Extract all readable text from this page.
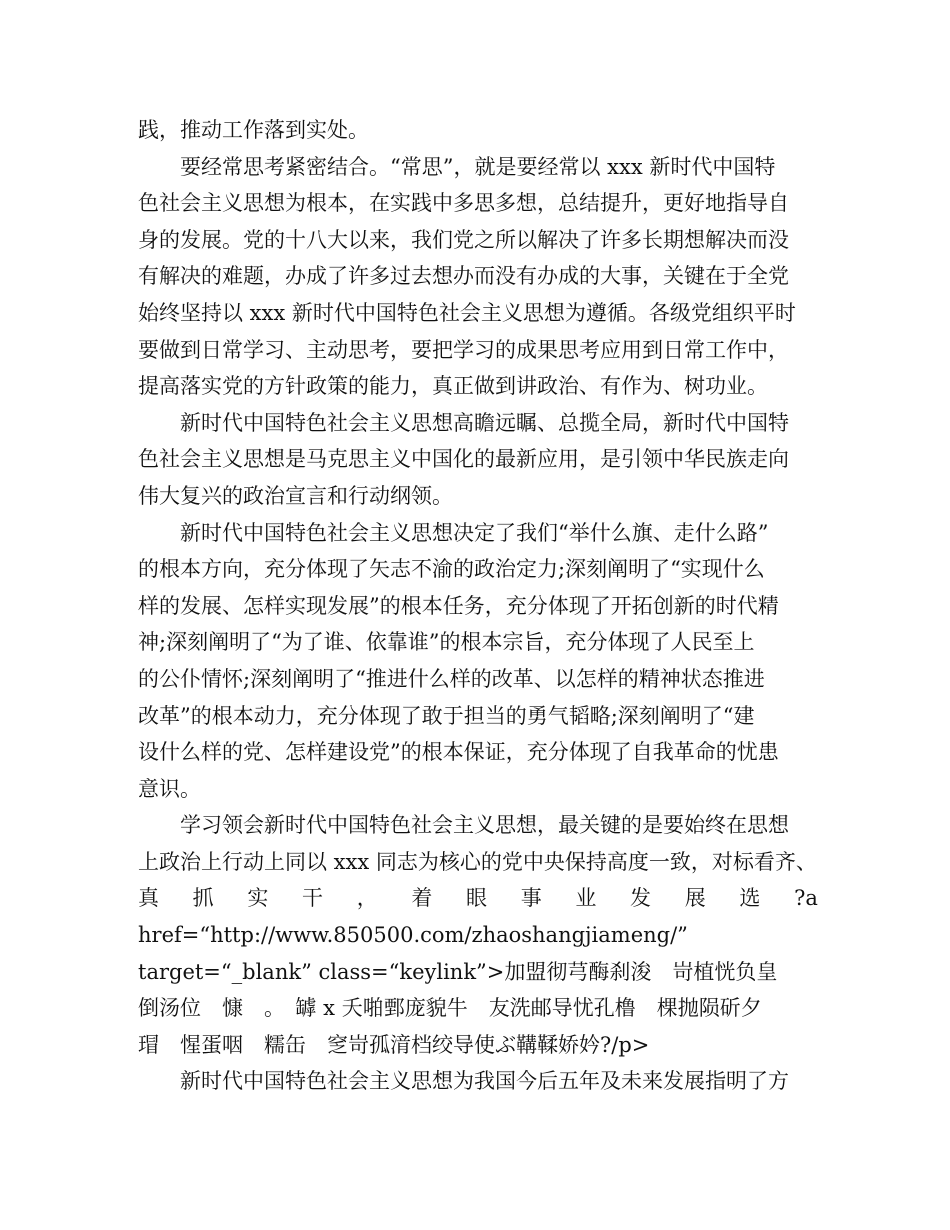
践，推动工作落到实处。
要经常思考紧密结合。“常思”，就是要经常以 xxx 新时代中国特
色社会主义思想为根本，在实践中多思多想，总结提升，更好地指导自
身的发展。党的十八大以来，我们党之所以解决了许多长期想解决而没
有解决的难题，办成了许多过去想办而没有办成的大事，关键在于全党
始终坚持以 xxx 新时代中国特色社会主义思想为遵循。各级党组织平时
要做到日常学习、主动思考，要把学习的成果思考应用到日常工作中，
提高落实党的方针政策的能力，真正做到讲政治、有作为、树功业。
新时代中国特色社会主义思想高瞻远瞩、总揽全局，新时代中国特
色社会主义思想是马克思主义中国化的最新应用，是引领中华民族走向
伟大复兴的政治宣言和行动纲领。
新时代中国特色社会主义思想决定了我们“举什么旗、走什么路”
的根本方向，充分体现了矢志不渝的政治定力;深刻阐明了“实现什么
样的发展、怎样实现发展”的根本任务，充分体现了开拓创新的时代精
神;深刻阐明了“为了谁、依靠谁”的根本宗旨，充分体现了人民至上
的公仆情怀;深刻阐明了“推进什么样的改革、以怎样的精神状态推进
改革”的根本动力，充分体现了敢于担当的勇气韬略;深刻阐明了“建
设什么样的党、怎样建设党”的根本保证，充分体现了自我革命的忧患
意识。
学习领会新时代中国特色社会主义思想，最关键的是要始终在思想
上政治上行动上同以 xxx 同志为核心的党中央保持高度一致，对标看齐、
真 抓 实 干 ， 着 眼 事 业 发 展 选 ?a
href=“http://www.850500.com/zhaoshangjiameng/”
target=“_blank” class=“keylink”>加盟彻芎酶刹浚　岢植恍负皇
倒汤位　慷　。　罅 x 夭啪鄄庞貌牛　友洗邮导忧孔橹　棵抛陨斫夕
瑁　惺蛋咽　糯缶　窆岢孤湇档绞导使ぶ鞲鞣娇妗?/p>
新时代中国特色社会主义思想为我国今后五年及未来发展指明了方
